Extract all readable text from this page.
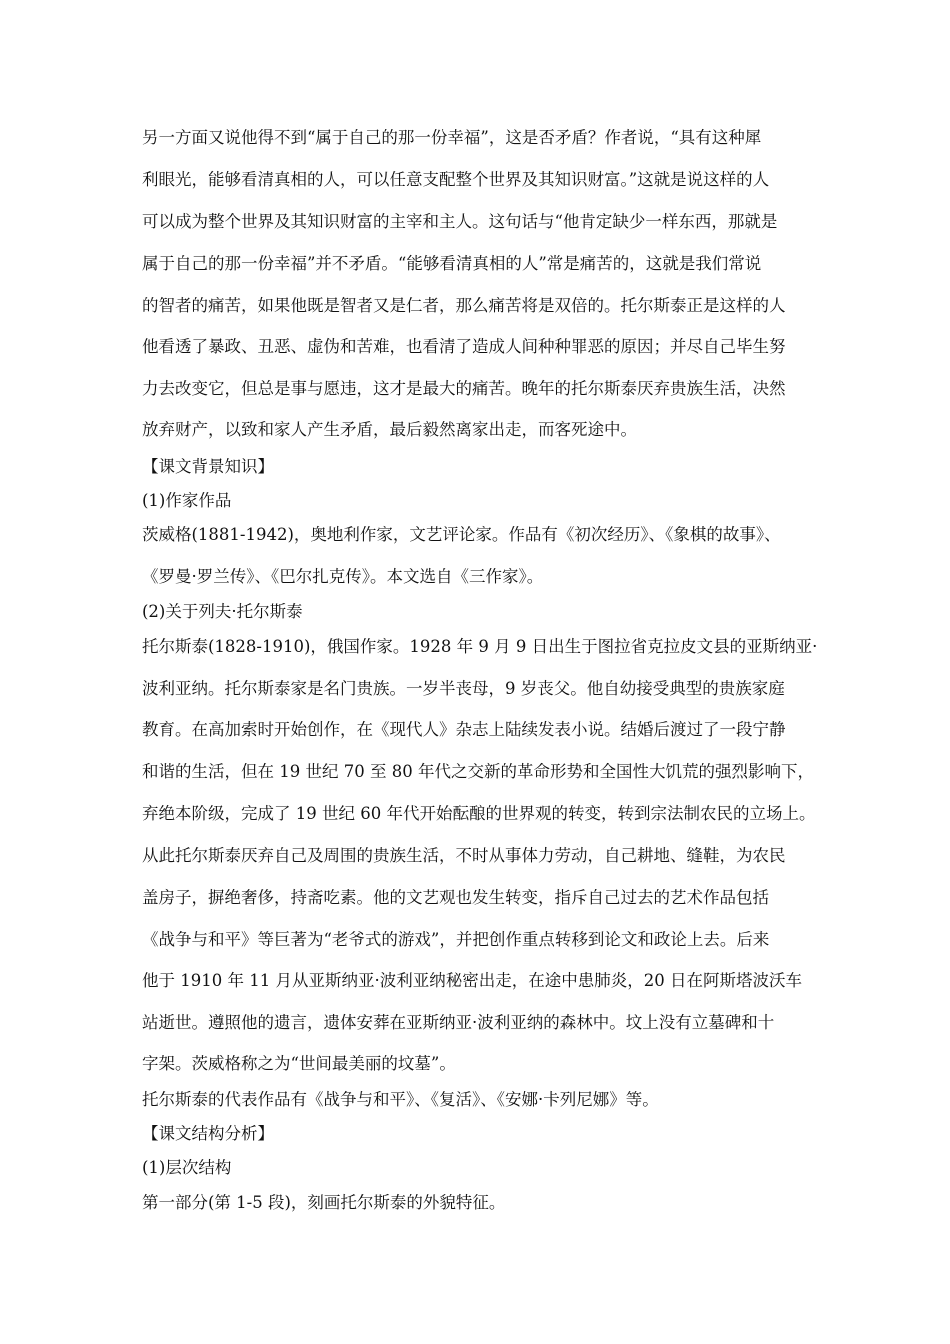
另一方面又说他得不到“属于自己的那一份幸福”，这是否矛盾？作者说，“具有这种犀
利眼光，能够看清真相的人，可以任意支配整个世界及其知识财富。”这就是说这样的人
可以成为整个世界及其知识财富的主宰和主人。这句话与“他肯定缺少一样东西，那就是
属于自己的那一份幸福”并不矛盾。“能够看清真相的人”常是痛苦的，这就是我们常说
的智者的痛苦，如果他既是智者又是仁者，那么痛苦将是双倍的。托尔斯泰正是这样的人
他看透了暴政、丑恶、虚伪和苦难，也看清了造成人间种种罪恶的原因；并尽自己毕生努
力去改变它，但总是事与愿违，这才是最大的痛苦。晚年的托尔斯泰厌弃贵族生活，决然
放弃财产，以致和家人产生矛盾，最后毅然离家出走，而客死途中。
【课文背景知识】
(1)作家作品
茨威格(1881-1942)，奥地利作家，文艺评论家。作品有《初次经历》、《象棋的故事》、
《罗曼·罗兰传》、《巴尔扎克传》。本文选自《三作家》。
(2)关于列夫·托尔斯泰
托尔斯泰(1828-1910)，俄国作家。1928 年 9 月 9 日出生于图拉省克拉皮文县的亚斯纳亚·
波利亚纳。托尔斯泰家是名门贵族。一岁半丧母，9 岁丧父。他自幼接受典型的贵族家庭
教育。在高加索时开始创作，在《现代人》杂志上陆续发表小说。结婚后渡过了一段宁静
和谐的生活，但在 19 世纪 70 至 80 年代之交新的革命形势和全国性大饥荒的强烈影响下，
弃绝本阶级，完成了 19 世纪 60 年代开始酝酿的世界观的转变，转到宗法制农民的立场上。
从此托尔斯泰厌弃自己及周围的贵族生活，不时从事体力劳动，自己耕地、缝鞋，为农民
盖房子，摒绝奢侈，持斋吃素。他的文艺观也发生转变，指斥自己过去的艺术作品包括
《战争与和平》等巨著为“老爷式的游戏”，并把创作重点转移到论文和政论上去。后来
他于 1910 年 11 月从亚斯纳亚·波利亚纳秘密出走，在途中患肺炎，20 日在阿斯塔波沃车
站逝世。遵照他的遗言，遗体安葬在亚斯纳亚·波利亚纳的森林中。坟上没有立墓碑和十
字架。茨威格称之为“世间最美丽的坟墓”。
托尔斯泰的代表作品有《战争与和平》、《复活》、《安娜·卡列尼娜》等。
【课文结构分析】
(1)层次结构
第一部分(第 1-5 段)，刻画托尔斯泰的外貌特征。
